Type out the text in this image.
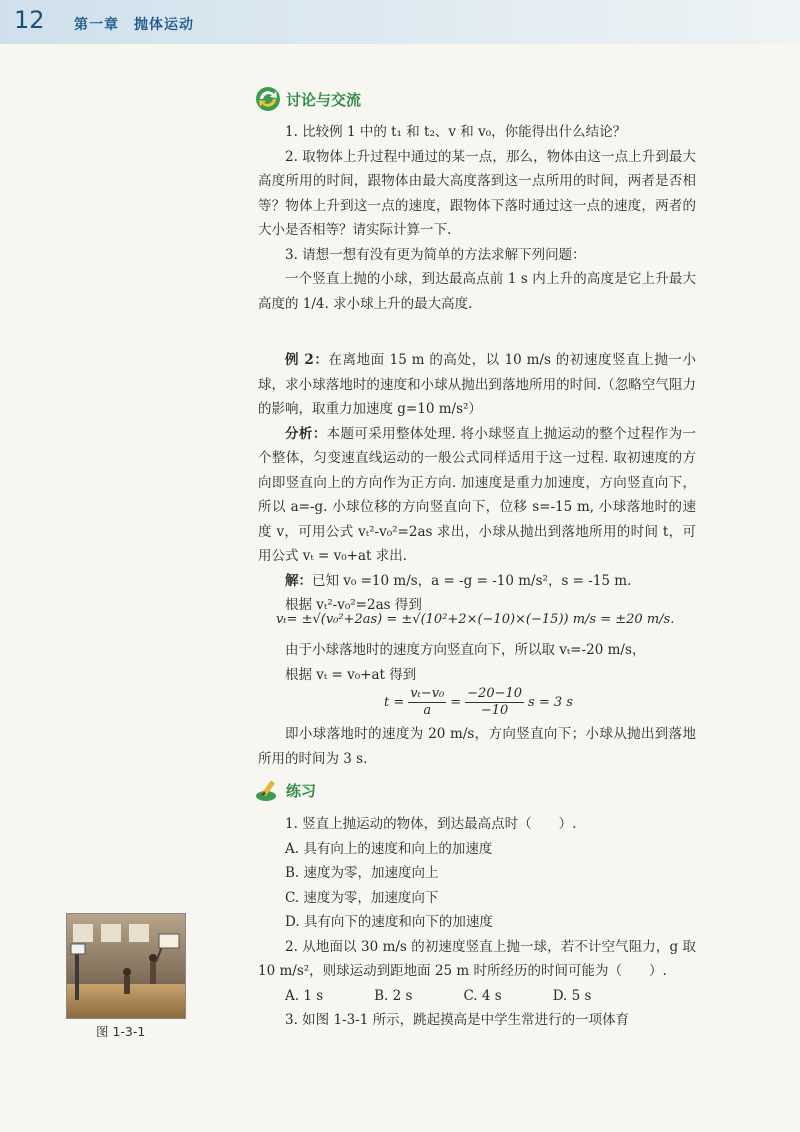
12 第一章　抛体运动
讨论与交流

1. 比较例 1 中的 t₁ 和 t₂、v 和 v₀，你能得出什么结论？

2. 取物体上升过程中通过的某一点，那么，物体由这一点上升到最大高度所用的时间，跟物体由最大高度落到这一点所用的时间，两者是否相等？物体上升到这一点的速度，跟物体下落时通过这一点的速度，两者的大小是否相等？请实际计算一下.

3. 请想一想有没有更为简单的方法求解下列问题：

一个竖直上抛的小球，到达最高点前 1 s 内上升的高度是它上升最大高度的 1/4. 求小球上升的最大高度.

例 2：在离地面 15 m 的高处，以 10 m/s 的初速度竖直上抛一小球，求小球落地时的速度和小球从抛出到落地所用的时间.（忽略空气阻力的影响，取重力加速度 g=10 m/s²）

分析：本题可采用整体处理. 将小球竖直上抛运动的整个过程作为一个整体，匀变速直线运动的一般公式同样适用于这一过程. 取初速度的方向即竖直向上的方向作为正方向. 加速度是重力加速度，方向竖直向下，所以 a=-g. 小球位移的方向竖直向下，位移 s=-15 m, 小球落地时的速度 v，可用公式 vₜ²-v₀²=2as 求出，小球从抛出到落地所用的时间 t，可用公式 vₜ = v₀+at 求出.

解：已知 v₀ =10 m/s，a = -g = -10 m/s²，s = -15 m.

根据 vₜ²-v₀²=2as 得到

vₜ= ±√(v₀²+2as) = ±√(10²+2×(−10)×(−15)) m/s = ±20 m/s.

由于小球落地时的速度方向竖直向下，所以取 vₜ=-20 m/s，

根据 vₜ = v₀+at 得到

$t = \frac{\text{vₜ−v₀}}{a} = \frac{-20-10}{-10}$ s = 3 s

即小球落地时的速度为 20 m/s，方向竖直向下；小球从抛出到落地所用的时间为 3 s.

练习

1. 竖直上抛运动的物体，到达最高点时（　　）.

A. 具有向上的速度和向上的加速度

B. 速度为零，加速度向上

C. 速度为零，加速度向下

D. 具有向下的速度和向下的加速度

2. 从地面以 30 m/s 的初速度竖直上抛一球，若不计空气阻力，g 取 10 m/s²，则球运动到距地面 25 m 时所经历的时间可能为（　　）.

A. 1 s	B. 2 s	C. 4 s	D. 5 s

3. 如图 1-3-1 所示，跳起摸高是中学生常进行的一项体育

图 1-3-1
